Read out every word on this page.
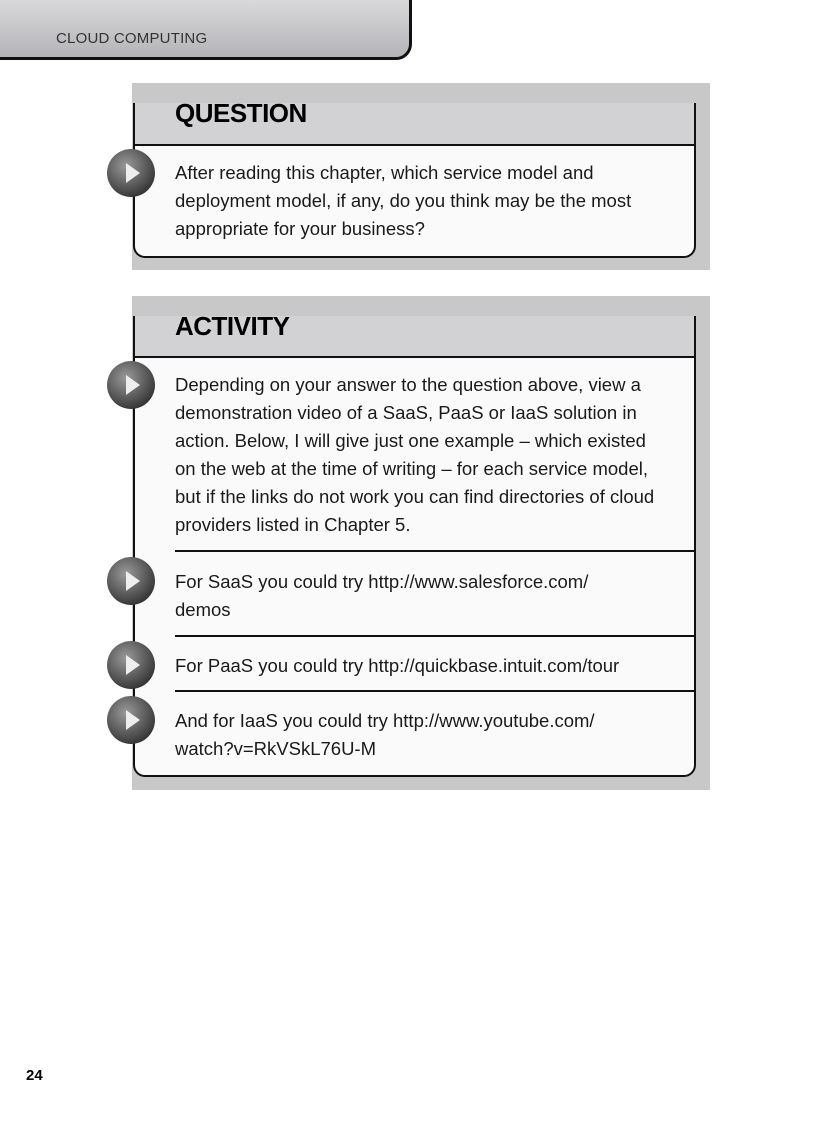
CLOUD COMPUTING
QUESTION
After reading this chapter, which service model and deployment model, if any, do you think may be the most appropriate for your business?
ACTIVITY
Depending on your answer to the question above, view a demonstration video of a SaaS, PaaS or IaaS solution in action. Below, I will give just one example – which existed on the web at the time of writing – for each service model, but if the links do not work you can find directories of cloud providers listed in Chapter 5.
For SaaS you could try http://www.salesforce.com/ demos
For PaaS you could try http://quickbase.intuit.com/tour
And for IaaS you could try http://www.youtube.com/ watch?v=RkVSkL76U-M
24
